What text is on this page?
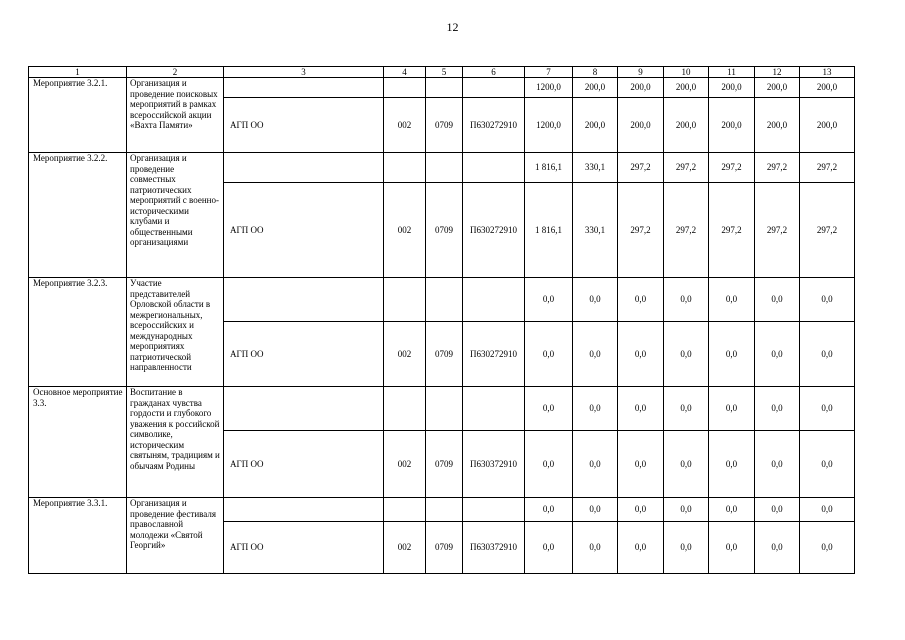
12
1	2	3	4	5	6	7	8	9	10	11	12	13
Мероприятие 3.2.1.	Организация и проведение поисковых мероприятий в рамках всероссийской акции «Вахта Памяти»					1200,0	200,0	200,0	200,0	200,0	200,0	200,0
		АГП ОО	002	0709	П630272910	1200,0	200,0	200,0	200,0	200,0	200,0	200,0
Мероприятие 3.2.2.	Организация и проведение совместных патриотических мероприятий с военно-историческими клубами и общественными организациями					1 816,1	330,1	297,2	297,2	297,2	297,2	297,2
		АГП ОО	002	0709	П630272910	1 816,1	330,1	297,2	297,2	297,2	297,2	297,2
Мероприятие 3.2.3.	Участие представителей Орловской области в межрегиональных, всероссийских и международных мероприятиях патриотической направленности					0,0	0,0	0,0	0,0	0,0	0,0	0,0
		АГП ОО	002	0709	П630272910	0,0	0,0	0,0	0,0	0,0	0,0	0,0
Основное мероприятие 3.3.	Воспитание в гражданах чувства гордости и глубокого уважения к российской символике, историческим святыням, традициям и обычаям Родины					0,0	0,0	0,0	0,0	0,0	0,0	0,0
		АГП ОО	002	0709	П630372910	0,0	0,0	0,0	0,0	0,0	0,0	0,0
Мероприятие 3.3.1.	Организация и проведение фестиваля православной молодежи «Святой Георгий»					0,0	0,0	0,0	0,0	0,0	0,0	0,0
		АГП ОО	002	0709	П630372910	0,0	0,0	0,0	0,0	0,0	0,0	0,0
